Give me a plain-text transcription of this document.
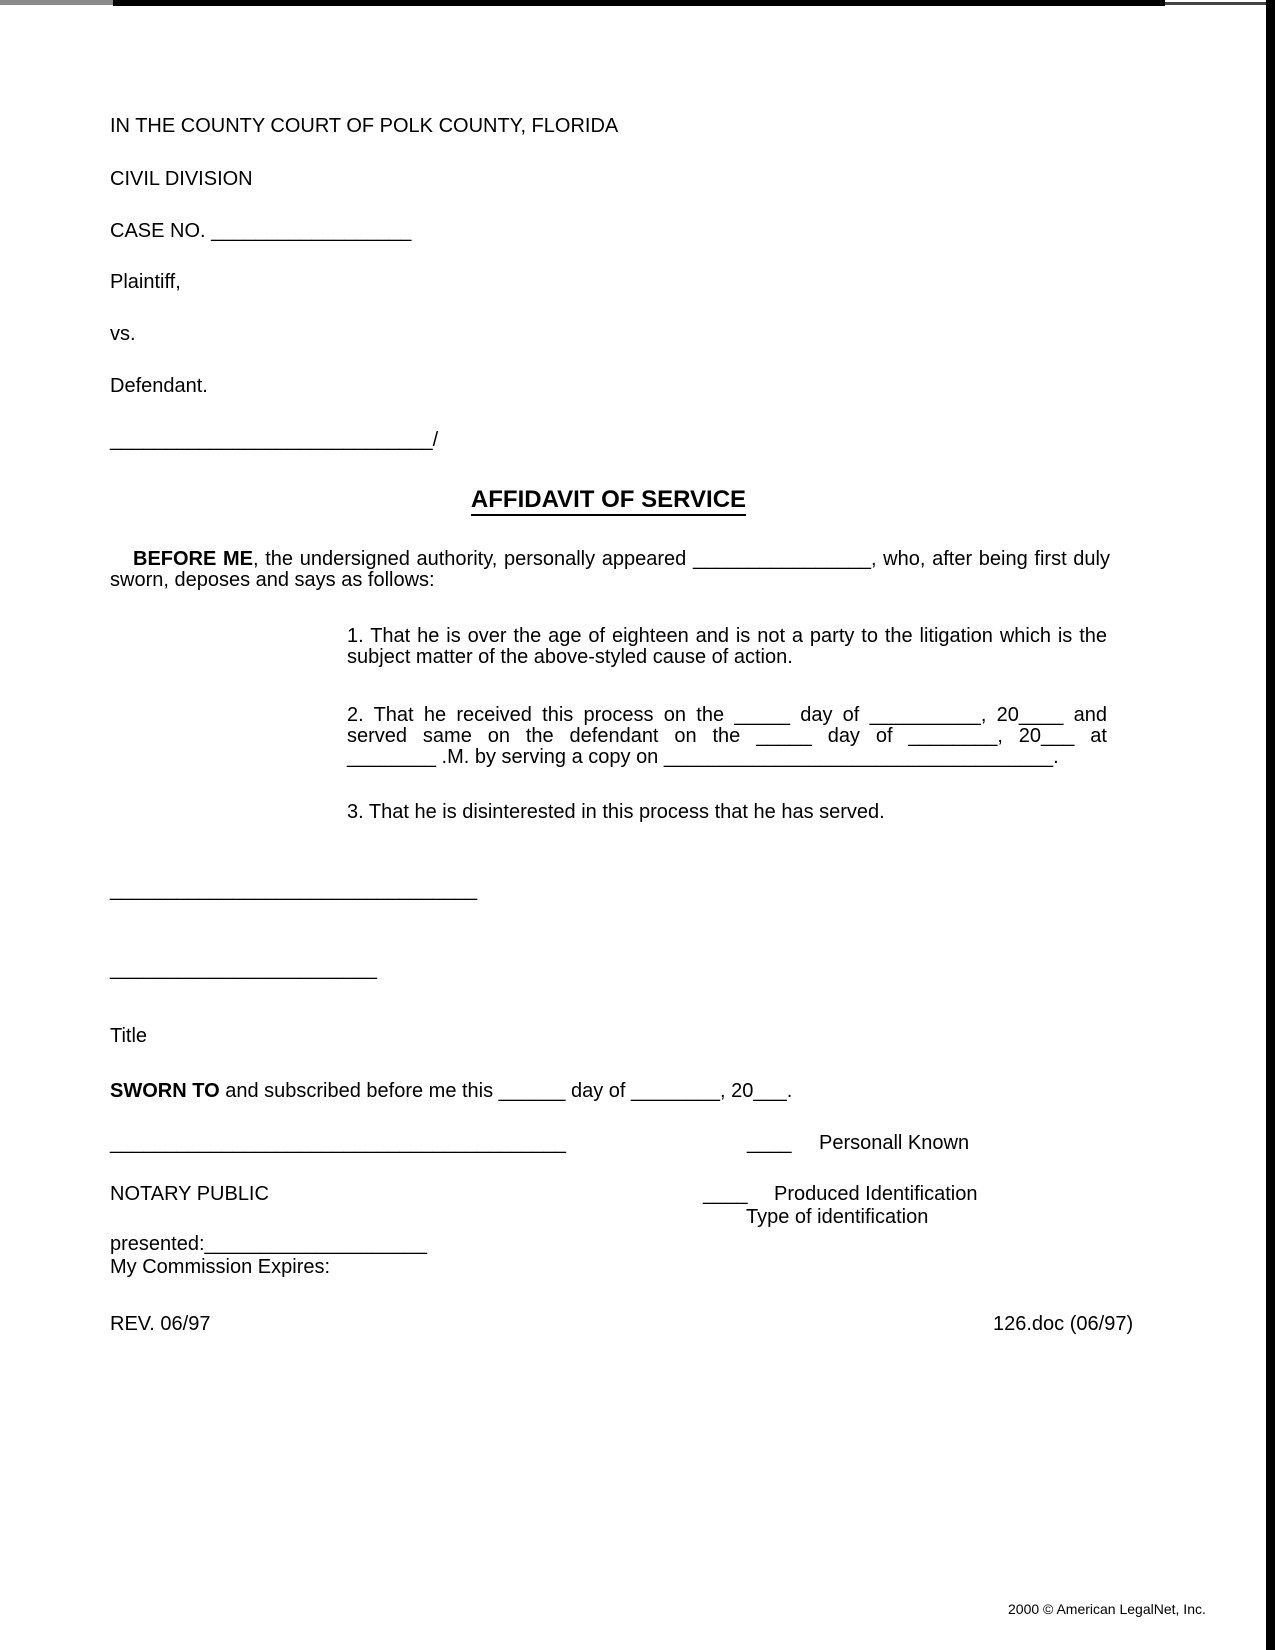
IN THE COUNTY COURT OF POLK COUNTY, FLORIDA
CIVIL DIVISION
CASE NO. __________________
Plaintiff,
vs.
Defendant.
_____________________________/
AFFIDAVIT OF SERVICE
BEFORE ME, the undersigned authority, personally appeared ________________, who, after being first duly
sworn, deposes and says as follows:
1. That he is over the age of eighteen and is not a party to the litigation which is the
subject matter of the above-styled cause of action.
2. That he received this process on the _____ day of __________, 20____ and
served same on the defendant on the _____ day of ________, 20___ at
________ .M. by serving a copy on ___________________________________.
3. That he is disinterested in this process that he has served.
_________________________________
________________________
Title
SWORN TO and subscribed before me this ______ day of ________, 20___.
_________________________________________	____ Personall Known
NOTARY PUBLIC	____ Produced Identification
Type of identification
presented:____________________
My Commission Expires:
REV. 06/97	126.doc (06/97)
2000 © American LegalNet, Inc.
